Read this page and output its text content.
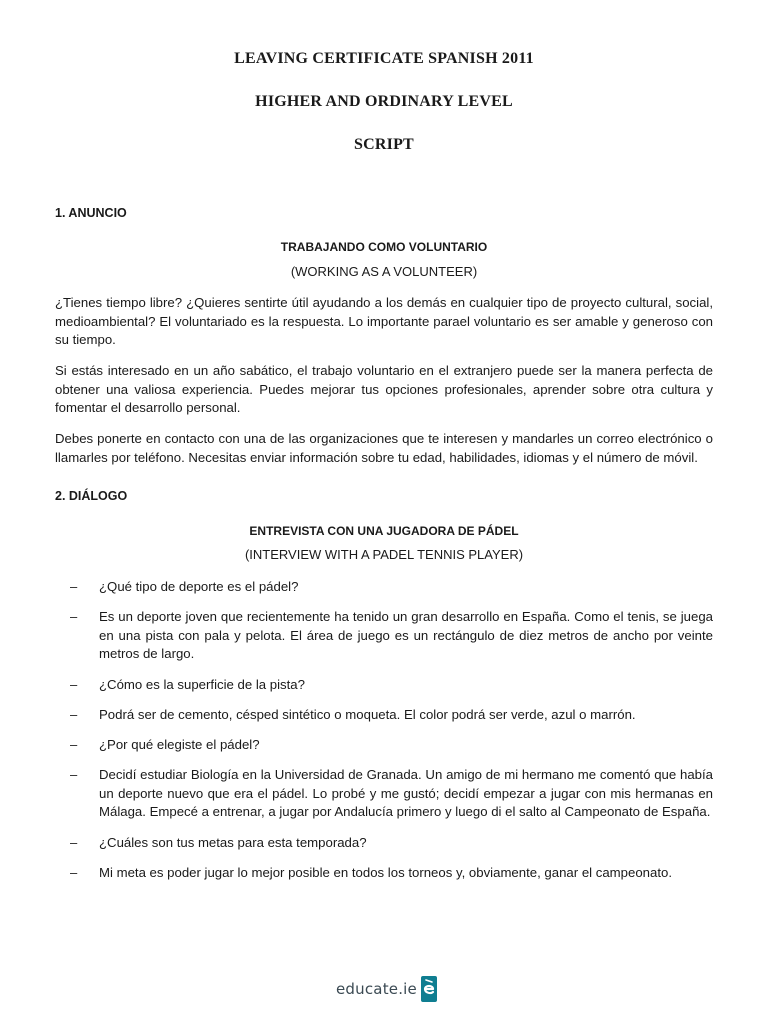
LEAVING CERTIFICATE SPANISH 2011
HIGHER AND ORDINARY LEVEL
SCRIPT
1. ANUNCIO
TRABAJANDO COMO VOLUNTARIO

(WORKING AS A VOLUNTEER)

¿Tienes tiempo libre? ¿Quieres sentirte útil ayudando a los demás en cualquier tipo de proyecto cultural, social, medioambiental? El voluntariado es la respuesta. Lo importante parael voluntario es ser amable y generoso con su tiempo.

Si estás interesado en un año sabático, el trabajo voluntario en el extranjero puede ser la manera perfecta de obtener una valiosa experiencia. Puedes mejorar tus opciones profesionales, aprender sobre otra cultura y fomentar el desarrollo personal.

Debes ponerte en contacto con una de las organizaciones que te interesen y mandarles un correo electrónico o llamarles por teléfono. Necesitas enviar información sobre tu edad, habilidades, idiomas y el número de móvil.

2. DIÁLOGO
ENTREVISTA CON UNA JUGADORA DE PÁDEL

(INTERVIEW WITH A PADEL TENNIS PLAYER)

–	¿Qué tipo de deporte es el pádel?
–	Es un deporte joven que recientemente ha tenido un gran desarrollo en España. Como el tenis, se juega en una pista con pala y pelota. El área de juego es un rectángulo de diez metros de ancho por veinte metros de largo.
–	¿Cómo es la superficie de la pista?
–	Podrá ser de cemento, césped sintético o moqueta. El color podrá ser verde, azul o marrón.
–	¿Por qué elegiste el pádel?
–	Decidí estudiar Biología en la Universidad de Granada. Un amigo de mi hermano me comentó que había un deporte nuevo que era el pádel. Lo probé y me gustó; decidí empezar a jugar con mis hermanas en Málaga. Empecé a entrenar, a jugar por Andalucía primero y luego di el salto al Campeonato de España.
–	¿Cuáles son tus metas para esta temporada?
–	Mi meta es poder jugar lo mejor posible en todos los torneos y, obviamente, ganar el campeonato.
educate.ie
